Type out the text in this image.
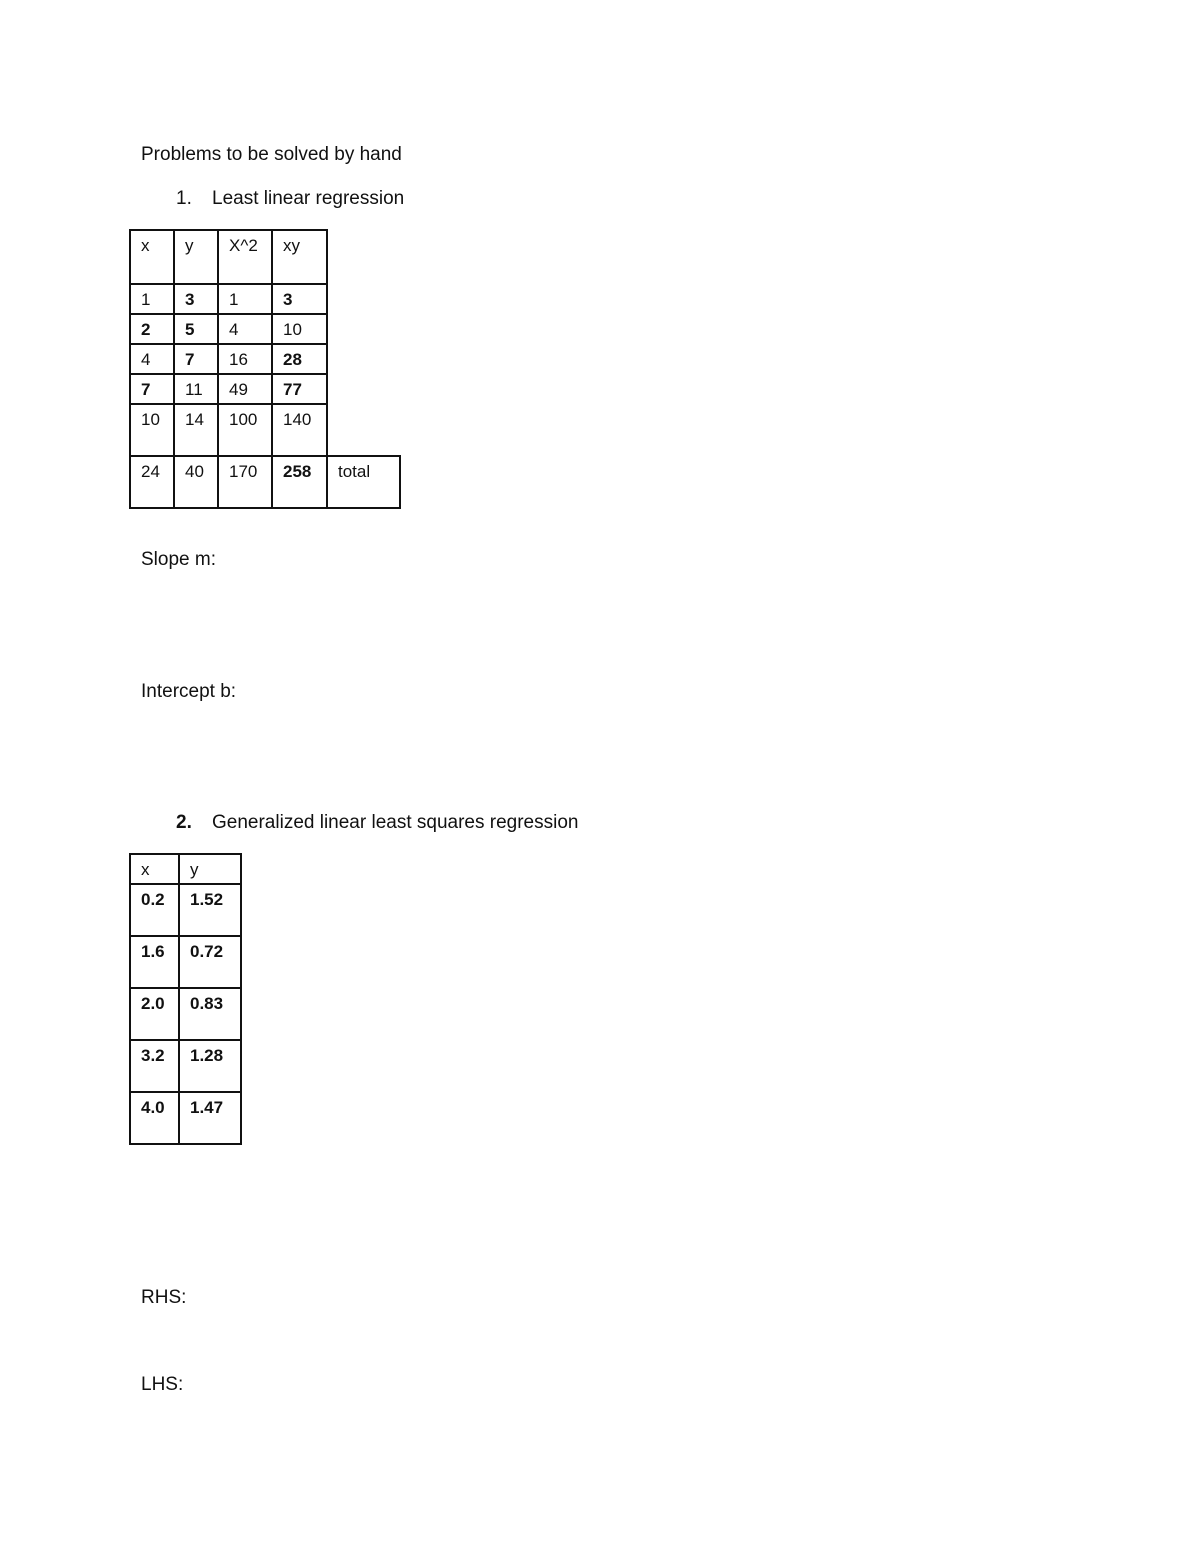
Problems to be solved by hand
1. Least linear regression
x	y	X^2	xy	
1	3	1	3	
2	5	4	10	
4	7	16	28	
7	11	49	77	
10	14	100	140	
24	40	170	258	total
Slope m:
Intercept b:
2. Generalized linear least squares regression
x	y
0.2	1.52
1.6	0.72
2.0	0.83
3.2	1.28
4.0	1.47
RHS:
LHS:
